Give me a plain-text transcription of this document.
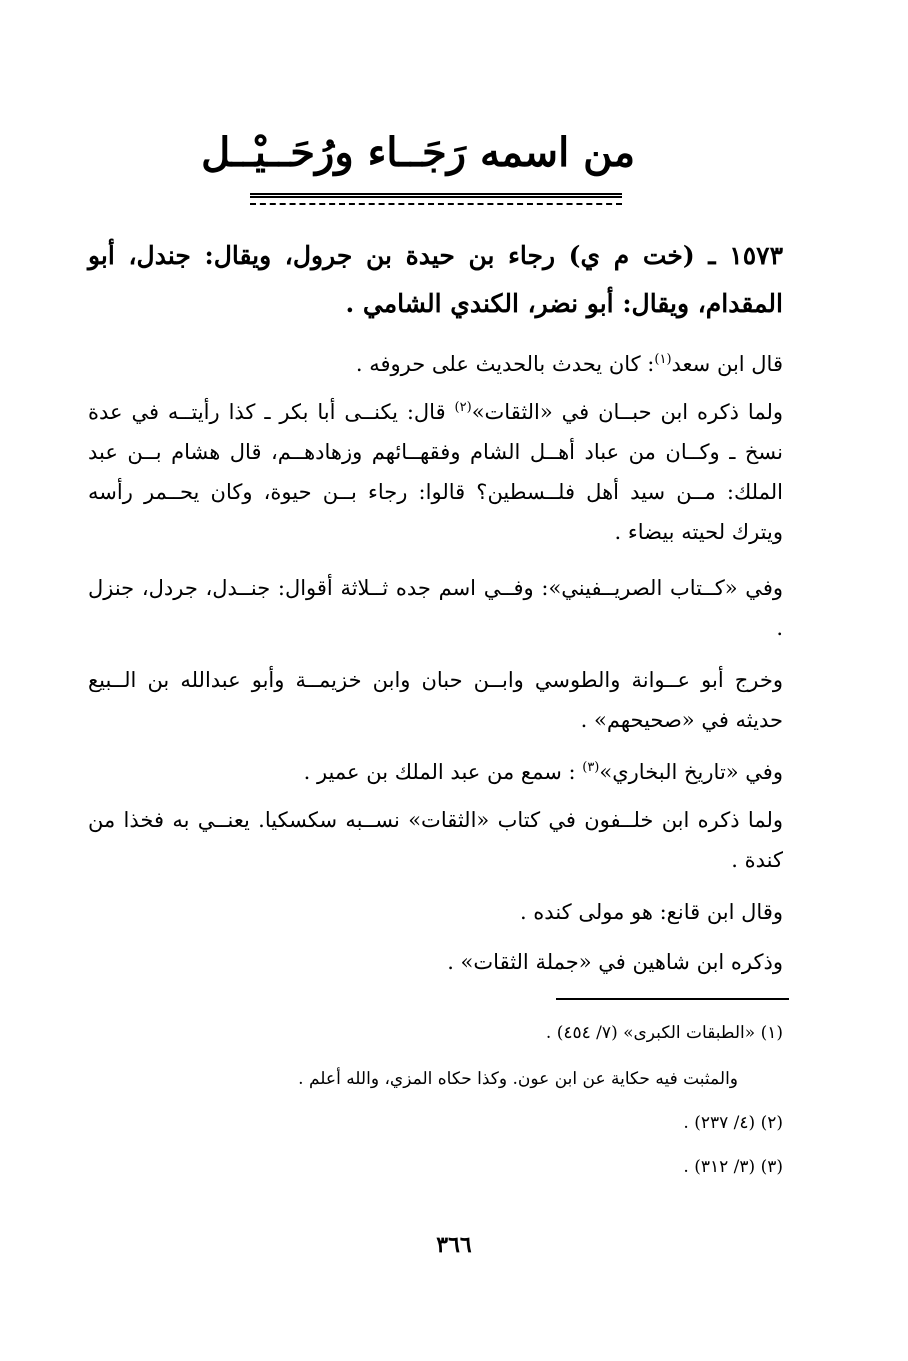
من اسمه رَجَــاء ورُحَــيْــل
١٥٧٣ ـ (خت م ي) رجاء بن حيدة بن جرول، ويقال: جندل، أبو المقدام، ويقال: أبو نضر، الكندي الشامي .
قال ابن سعد$^{(١)}$: كان يحدث بالحديث على حروفه .
ولما ذكره ابن حبــان في «الثقات»$^{(٢)}$ قال: يكنــى أبا بكر ـ كذا رأيتــه في عدة نسخ ـ وكــان من عباد أهــل الشام وفقهــائهم وزهادهــم، قال هشام بــن عبد الملك: مــن سيد أهل فلــسطين؟ قالوا: رجاء بــن حيوة، وكان يحــمر رأسه ويترك لحيته بيضاء .
وفي «كــتاب الصريــفيني»: وفــي اسم جده ثــلاثة أقوال: جنــدل، جردل، جنزل .
وخرج أبو عــوانة والطوسي وابــن حبان وابن خزيمــة وأبو عبدالله بن الــبيع حديثه في «صحيحهم» .
وفي «تاريخ البخاري»$^{(٣)}$ : سمع من عبد الملك بن عمير .
ولما ذكره ابن خلــفون في كتاب «الثقات» نســبه سكسكيا. يعنــي به فخذا من كندة .
وقال ابن قانع: هو مولى كنده .
وذكره ابن شاهين في «جملة الثقات» .
(١) «الطبقات الكبرى» (٧/ ٤٥٤) .
والمثبت فيه حكاية عن ابن عون. وكذا حكاه المزي، والله أعلم .
(٢) (٤/ ٢٣٧) .
(٣) (٣/ ٣١٢) .
٣٦٦
